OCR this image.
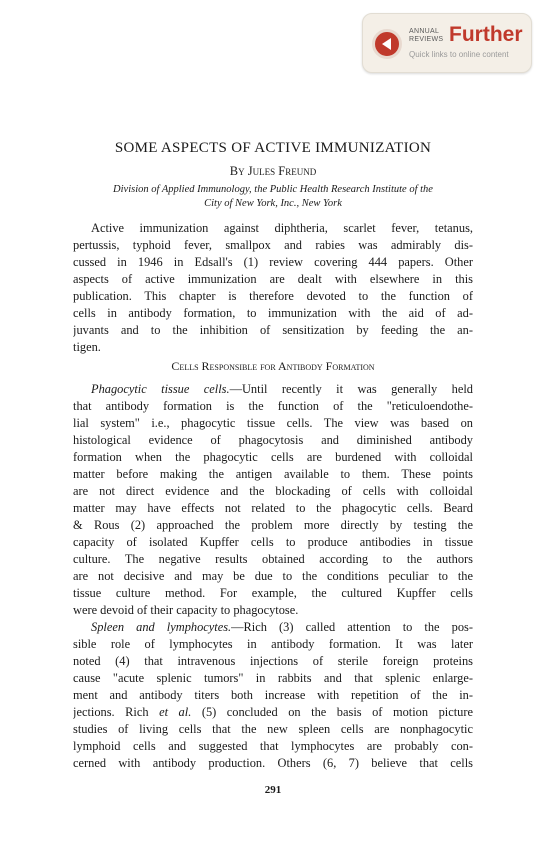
ANNUAL REVIEWS Further
Quick links to online content
SOME ASPECTS OF ACTIVE IMMUNIZATION
By Jules Freund
Division of Applied Immunology, the Public Health Research Institute of the
City of New York, Inc., New York
Active immunization against diphtheria, scarlet fever, tetanus,
pertussis, typhoid fever, smallpox and rabies was admirably dis-
cussed in 1946 in Edsall's (1) review covering 444 papers. Other
aspects of active immunization are dealt with elsewhere in this
publication. This chapter is therefore devoted to the function of
cells in antibody formation, to immunization with the aid of ad-
juvants and to the inhibition of sensitization by feeding the an-
tigen.
Cells Responsible for Antibody Formation
Phagocytic tissue cells.—Until recently it was generally held
that antibody formation is the function of the "reticuloendothe-
lial system" i.e., phagocytic tissue cells. The view was based on
histological evidence of phagocytosis and diminished antibody
formation when the phagocytic cells are burdened with colloidal
matter before making the antigen available to them. These points
are not direct evidence and the blockading of cells with colloidal
matter may have effects not related to the phagocytic cells. Beard
& Rous (2) approached the problem more directly by testing the
capacity of isolated Kupffer cells to produce antibodies in tissue
culture. The negative results obtained according to the authors
are not decisive and may be due to the conditions peculiar to the
tissue culture method. For example, the cultured Kupffer cells
were devoid of their capacity to phagocytose.
Spleen and lymphocytes.—Rich (3) called attention to the pos-
sible role of lymphocytes in antibody formation. It was later
noted (4) that intravenous injections of sterile foreign proteins
cause "acute splenic tumors" in rabbits and that splenic enlarge-
ment and antibody titers both increase with repetition of the in-
jections. Rich et al. (5) concluded on the basis of motion picture
studies of living cells that the new spleen cells are nonphagocytic
lymphoid cells and suggested that lymphocytes are probably con-
cerned with antibody production. Others (6, 7) believe that cells
291
